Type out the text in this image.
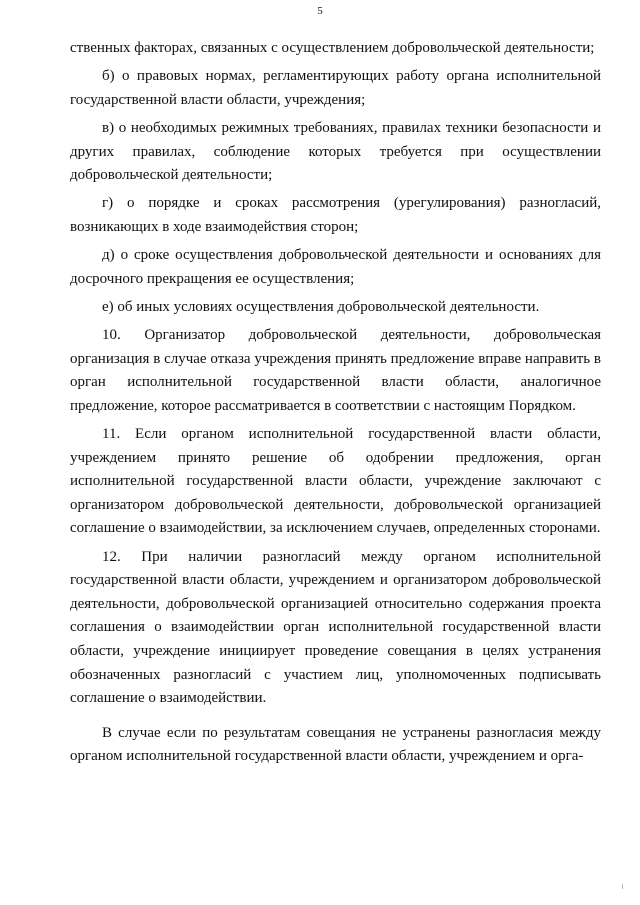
5

ственных факторах, связанных с осуществлением добровольческой деятельности;

б) о правовых нормах, регламентирующих работу органа исполнительной государственной власти области, учреждения;

в) о необходимых режимных требованиях, правилах техники безопасности и других правилах, соблюдение которых требуется при осуществлении добровольческой деятельности;

г) о порядке и сроках рассмотрения (урегулирования) разногласий, возникающих в ходе взаимодействия сторон;

д) о сроке осуществления добровольческой деятельности и основаниях для досрочного прекращения ее осуществления;

е) об иных условиях осуществления добровольческой деятельности.

10. Организатор добровольческой деятельности, добровольческая организация в случае отказа учреждения принять предложение вправе направить в орган исполнительной государственной власти области, аналогичное предложение, которое рассматривается в соответствии с настоящим Порядком.

11. Если органом исполнительной государственной власти области, учреждением принято решение об одобрении предложения, орган исполнительной государственной власти области, учреждение заключают с организатором добровольческой деятельности, добровольческой организацией соглашение о взаимодействии, за исключением случаев, определенных сторонами.

12. При наличии разногласий между органом исполнительной государственной власти области, учреждением и организатором добровольческой деятельности, добровольческой организацией относительно содержания проекта соглашения о взаимодействии орган исполнительной государственной власти области, учреждение инициирует проведение совещания в целях устранения обозначенных разногласий с участием лиц, уполномоченных подписывать соглашение о взаимодействии.

В случае если по результатам совещания не устранены разногласия между органом исполнительной государственной власти области, учреждением и орга-
